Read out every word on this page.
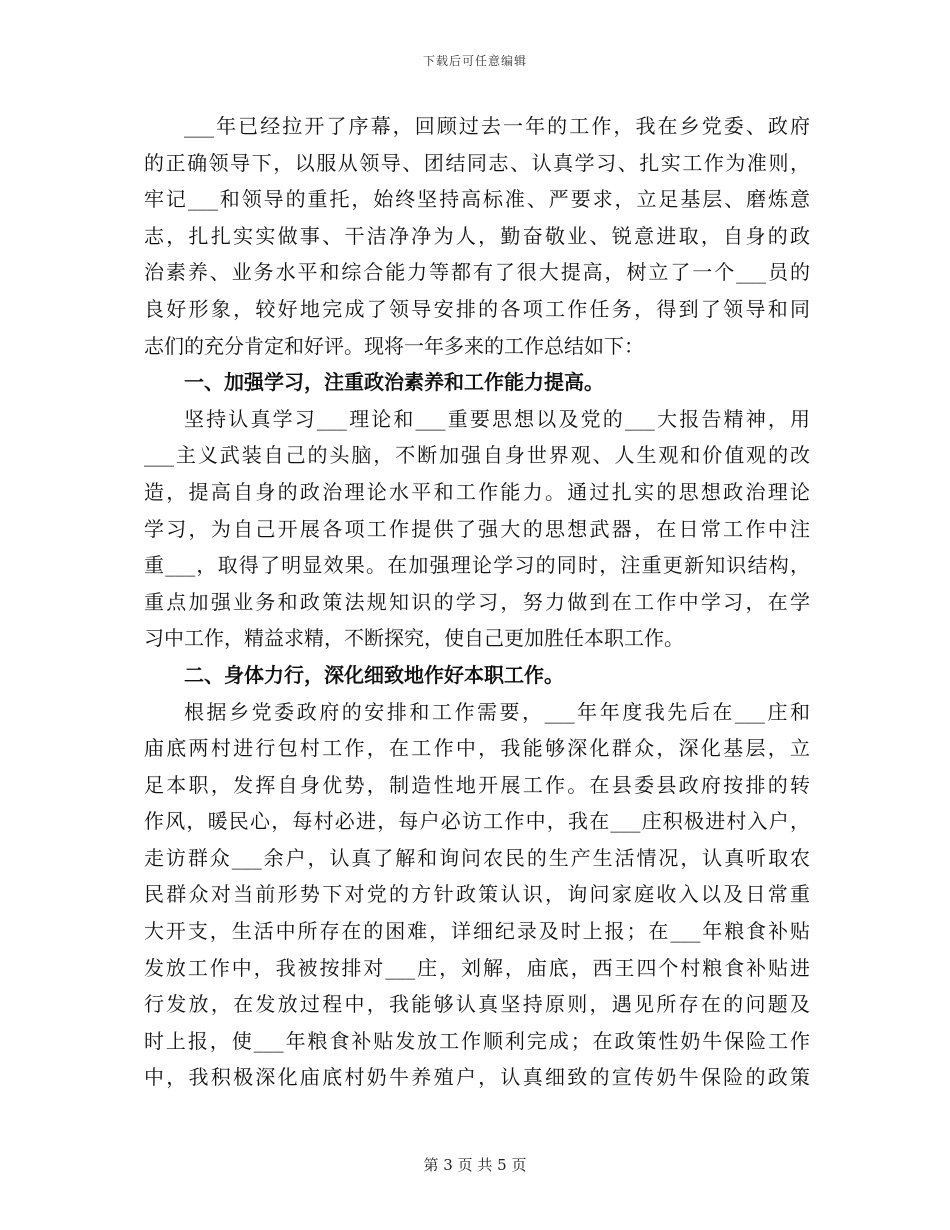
下载后可任意编辑
___年已经拉开了序幕，回顾过去一年的工作，我在乡党委、政府
的正确领导下，以服从领导、团结同志、认真学习、扎实工作为准则，
牢记___和领导的重托，始终坚持高标准、严要求，立足基层、磨炼意
志，扎扎实实做事、干洁净净为人，勤奋敬业、锐意进取，自身的政
治素养、业务水平和综合能力等都有了很大提高，树立了一个___员的
良好形象，较好地完成了领导安排的各项工作任务，得到了领导和同
志们的充分肯定和好评。现将一年多来的工作总结如下：
一、加强学习，注重政治素养和工作能力提高。
坚持认真学习___理论和___重要思想以及党的___大报告精神，用
___主义武装自己的头脑，不断加强自身世界观、人生观和价值观的改
造，提高自身的政治理论水平和工作能力。通过扎实的思想政治理论
学习，为自己开展各项工作提供了强大的思想武器，在日常工作中注
重___，取得了明显效果。在加强理论学习的同时，注重更新知识结构，
重点加强业务和政策法规知识的学习，努力做到在工作中学习，在学
习中工作，精益求精，不断探究，使自己更加胜任本职工作。
二、身体力行，深化细致地作好本职工作。
根据乡党委政府的安排和工作需要，___年年度我先后在___庄和
庙底两村进行包村工作，在工作中，我能够深化群众，深化基层，立
足本职，发挥自身优势，制造性地开展工作。在县委县政府按排的转
作风，暖民心，每村必进，每户必访工作中，我在___庄积极进村入户，
走访群众___余户，认真了解和询问农民的生产生活情况，认真听取农
民群众对当前形势下对党的方针政策认识，询问家庭收入以及日常重
大开支，生活中所存在的困难，详细纪录及时上报；在___年粮食补贴
发放工作中，我被按排对___庄，刘解，庙底，西王四个村粮食补贴进
行发放，在发放过程中，我能够认真坚持原则，遇见所存在的问题及
时上报，使___年粮食补贴发放工作顺利完成；在政策性奶牛保险工作
中，我积极深化庙底村奶牛养殖户，认真细致的宣传奶牛保险的政策
第 3 页 共 5 页
